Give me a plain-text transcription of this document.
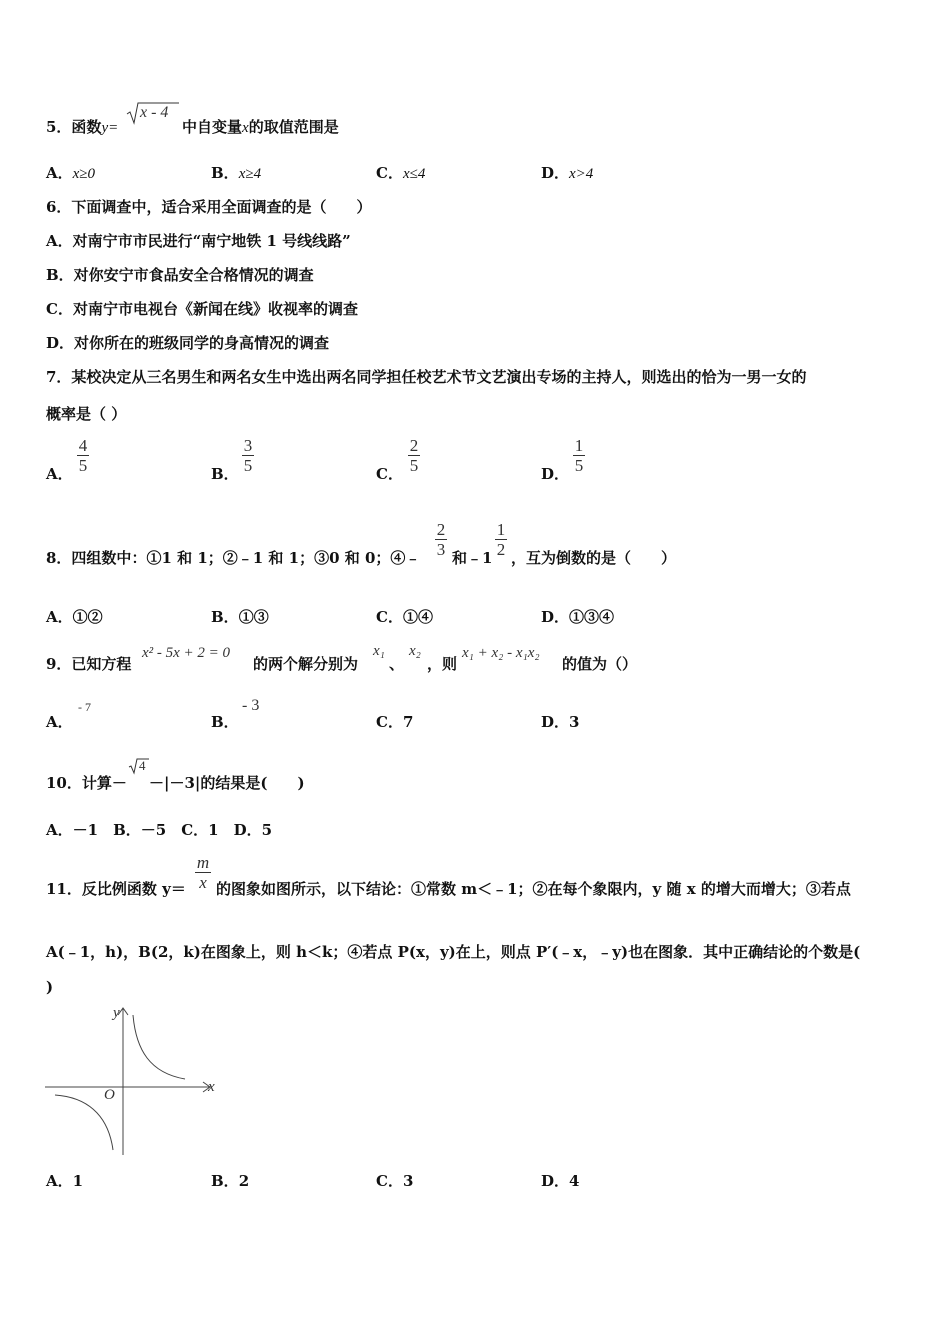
5．函数y=
x - 4
中自变量x的取值范围是
A．x≥0	B．x≥4	C．x≤4	D．x>4
6．下面调查中，适合采用全面调查的是（　　）
A．对南宁市市民进行“南宁地铁 1 号线线路”
B．对你安宁市食品安全合格情况的调查
C．对南宁市电视台《新闻在线》收视率的调查
D．对你所在的班级同学的身高情况的调查
7．某校决定从三名男生和两名女生中选出两名同学担任校艺术节文艺演出专场的主持人，则选出的恰为一男一女的
概率是（ ）
A．
4
5	B．
3
5	C．
2
5	D．
1
5
8．四组数中：①1 和 1；②﹣1 和 1；③0 和 0；④﹣
2
3 和﹣1
1
2 ，互为倒数的是（　　）
A．①②	B．①③	C．①④	D．①③④
9．已知方程
x² - 5x + 2 = 0
的两个解分别为
x₁
、
x₂
，则
x₁ + x₂ - x₁x₂
的值为（）
A．
- 7
B．
- 3
C．7	D．3
10．计算－
4
－|－3|的结果是(　　)
A．－1　B．－5　C．1　D．5
11．反比例函数 y＝
m
x 的图象如图所示，以下结论：①常数 m＜﹣1；②在每个象限内，y 随 x 的增大而增大；③若点
A(﹣1，h)，B(2，k)在图象上，则 h＜k；④若点 P(x，y)在上，则点 P′(﹣x，﹣y)也在图象．其中正确结论的个数是(
)
x
y
O
A．1	B．2	C．3	D．4
